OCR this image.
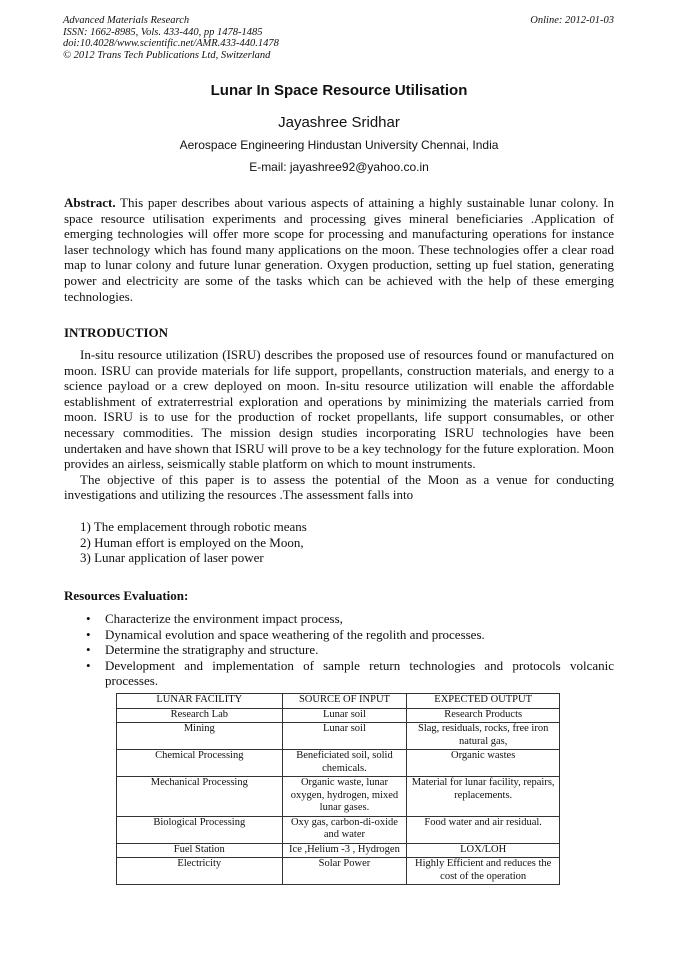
Advanced Materials Research
ISSN: 1662-8985, Vols. 433-440, pp 1478-1485
doi:10.4028/www.scientific.net/AMR.433-440.1478
© 2012 Trans Tech Publications Ltd, Switzerland
Online: 2012-01-03
Lunar In Space Resource Utilisation
Jayashree Sridhar
Aerospace Engineering Hindustan University Chennai, India
E-mail: jayashree92@yahoo.co.in
Abstract. This paper describes about various aspects of attaining a highly sustainable lunar colony. In space resource utilisation experiments and processing gives mineral beneficiaries .Application of emerging technologies will offer more scope for processing and manufacturing operations for instance laser technology which has found many applications on the moon. These technologies offer a clear road map to lunar colony and future lunar generation. Oxygen production, setting up fuel station, generating power and electricity are some of the tasks which can be achieved with the help of these emerging technologies.
INTRODUCTION

In-situ resource utilization (ISRU) describes the proposed use of resources found or manufactured on moon. ISRU can provide materials for life support, propellants, construction materials, and energy to a science payload or a crew deployed on moon. In-situ resource utilization will enable the affordable establishment of extraterrestrial exploration and operations by minimizing the materials carried from moon. ISRU is to use for the production of rocket propellants, life support consumables, or other necessary commodities. The mission design studies incorporating ISRU technologies have been undertaken and have shown that ISRU will prove to be a key technology for the future exploration. Moon provides an airless, seismically stable platform on which to mount instruments.

The objective of this paper is to assess the potential of the Moon as a venue for conducting investigations and utilizing the resources .The assessment falls into

1) The emplacement through robotic means
2) Human effort is employed on the Moon,
3) Lunar application of laser power
Resources Evaluation:
• Characterize the environment impact process,
• Dynamical evolution and space weathering of the regolith and processes.
• Determine the stratigraphy and structure.
• Development and implementation of sample return technologies and protocols volcanic processes.
LUNAR FACILITY	SOURCE OF INPUT	EXPECTED OUTPUT
Research Lab	Lunar soil	Research Products
Mining	Lunar soil	Slag, residuals, rocks, free iron natural gas,
Chemical Processing	Beneficiated soil, solid chemicals.	Organic wastes
Mechanical Processing	Organic waste, lunar oxygen, hydrogen, mixed lunar gases.	Material for lunar facility, repairs, replacements.
Biological Processing	Oxy gas, carbon-di-oxide and water	Food water and air residual.
Fuel Station	Ice ,Helium -3 , Hydrogen	LOX/LOH
Electricity	Solar Power	Highly Efficient and reduces the cost of the operation
